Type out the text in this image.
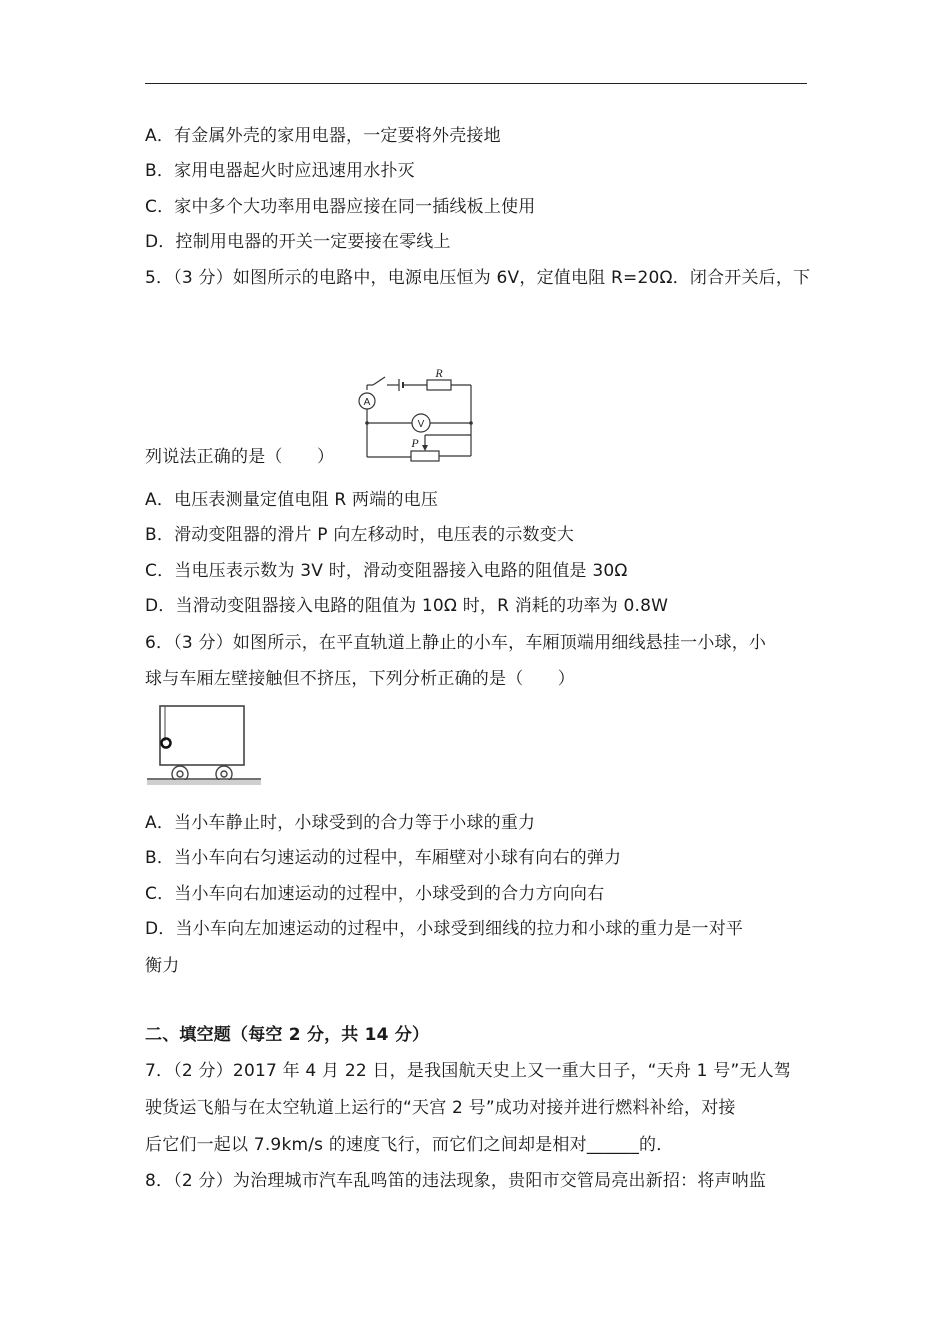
A．有金属外壳的家用电器，一定要将外壳接地
B．家用电器起火时应迅速用水扑灭
C．家中多个大功率用电器应接在同一插线板上使用
D．控制用电器的开关一定要接在零线上
5．（3 分）如图所示的电路中，电源电压恒为 6V，定值电阻 R=20Ω．闭合开关后，下
R
A
V
P
列说法正确的是（　　）
A．电压表测量定值电阻 R 两端的电压
B．滑动变阻器的滑片 P 向左移动时，电压表的示数变大
C．当电压表示数为 3V 时，滑动变阻器接入电路的阻值是 30Ω
D．当滑动变阻器接入电路的阻值为 10Ω 时，R 消耗的功率为 0.8W
6．（3 分）如图所示，在平直轨道上静止的小车，车厢顶端用细线悬挂一小球，小
球与车厢左壁接触但不挤压，下列分析正确的是（　　）
A．当小车静止时，小球受到的合力等于小球的重力
B．当小车向右匀速运动的过程中，车厢壁对小球有向右的弹力
C．当小车向右加速运动的过程中，小球受到的合力方向向右
D．当小车向左加速运动的过程中，小球受到细线的拉力和小球的重力是一对平
衡力
二、填空题（每空 2 分，共 14 分）
7．（2 分）2017 年 4 月 22 日，是我国航天史上又一重大日子，“天舟 1 号”无人驾
驶货运飞船与在太空轨道上运行的“天宫 2 号”成功对接并进行燃料补给，对接
后它们一起以 7.9km/s 的速度飞行，而它们之间却是相对______的．
8．（2 分）为治理城市汽车乱鸣笛的违法现象，贵阳市交管局亮出新招：将声呐监
